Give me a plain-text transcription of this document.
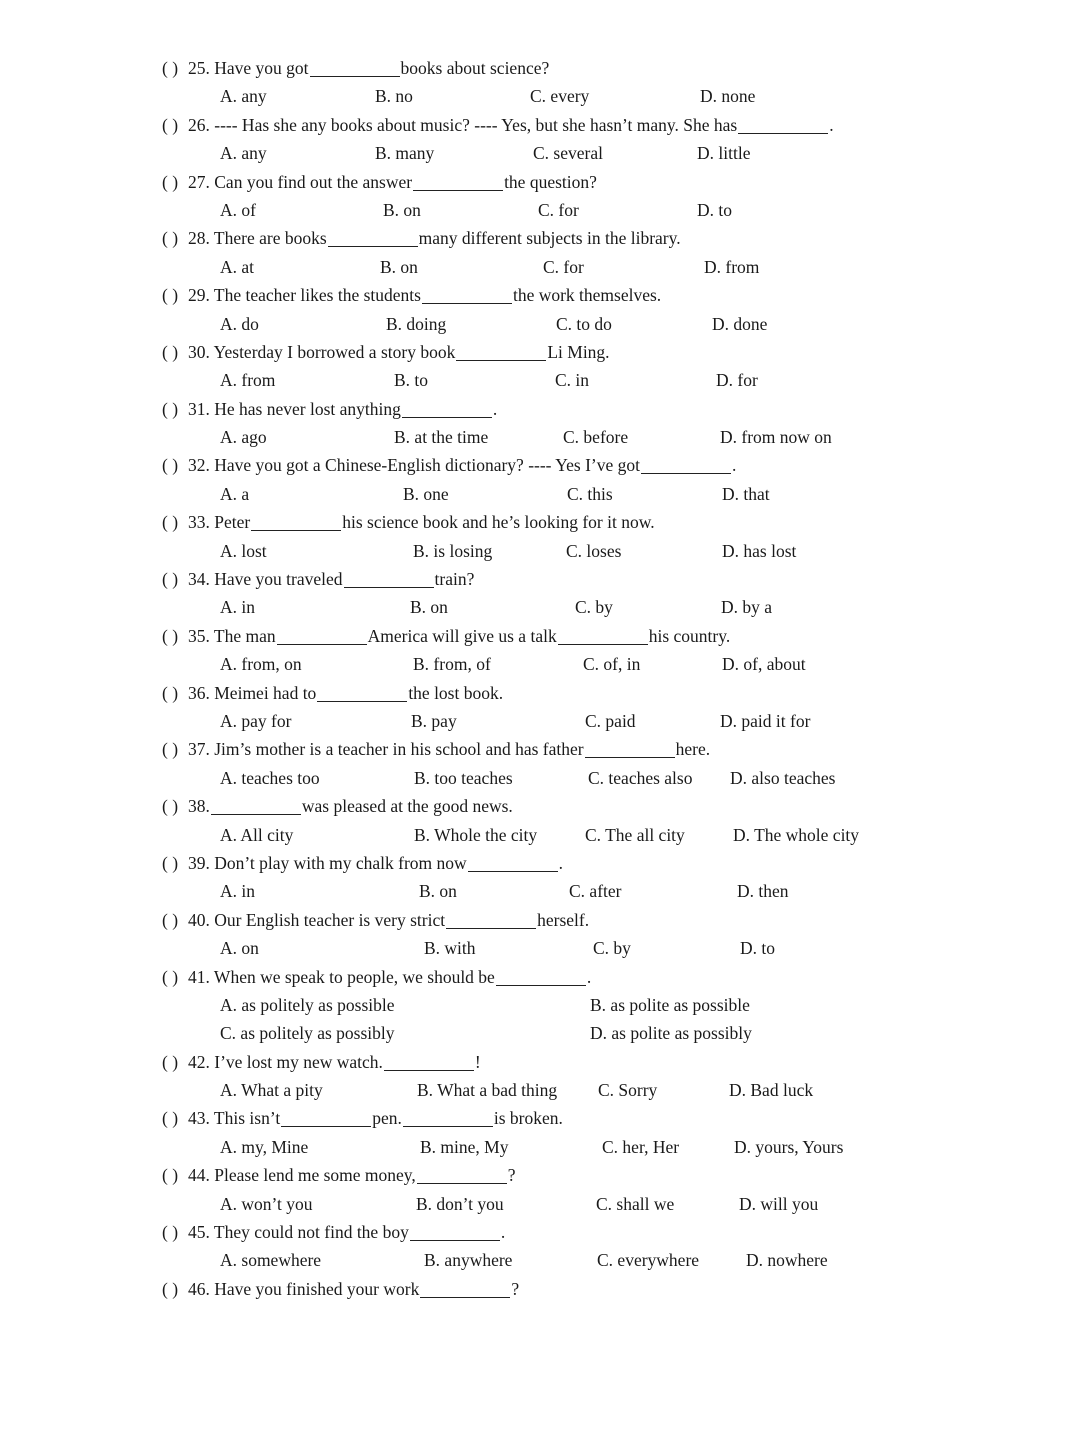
( ) 25. Have you got	books about science?
A. any	B. no	C. every	D. none
( ) 26. ---- Has she any books about music? ---- Yes, but she hasn’t many. She has	.
A. any	B. many	C. several	D. little
( ) 27. Can you find out the answer	the question?
A. of	B. on	C. for	D. to
( ) 28. There are books	many different subjects in the library.
A. at	B. on	C. for	D. from
( ) 29. The teacher likes the students	the work themselves.
A. do	B. doing	C. to do	D. done
( ) 30. Yesterday I borrowed a story book	Li Ming.
A. from	B. to	C. in	D. for
( ) 31. He has never lost anything	.
A. ago	B. at the time	C. before	D. from now on
( ) 32. Have you got a Chinese-English dictionary? ---- Yes I’ve got	.
A. a	B. one	C. this	D. that
( ) 33. Peter	his science book and he’s looking for it now.
A. lost	B. is losing	C. loses	D. has lost
( ) 34. Have you traveled	train?
A. in	B. on	C. by	D. by a
( ) 35. The man	America will give us a talk	his country.
A. from, on	B. from, of	C. of, in	D. of, about
( ) 36. Meimei had to	the lost book.
A. pay for	B. pay	C. paid	D. paid it for
( ) 37. Jim’s mother is a teacher in his school and has father	here.
A. teaches too	B. too teaches	C. teaches also D. also teaches
( ) 38.	was pleased at the good news.
A. All city	B. Whole the city	C. The all city	D. The whole city
( ) 39. Don’t play with my chalk from now	.
A. in	B. on	C. after	D. then
( ) 40. Our English teacher is very strict	herself.
A. on	B. with	C. by	D. to
( ) 41. When we speak to people, we should be	.
A. as politely as possible	B. as polite as possible
C. as politely as possibly	D. as polite as possibly
( ) 42. I’ve lost my new watch.	!
A. What a pity	B. What a bad thing C. Sorry	D. Bad luck
( ) 43. This isn’t	pen.	is broken.
A. my, Mine	B. mine, My	C. her, Her	D. yours, Yours
( ) 44. Please lend me some money,	?
A. won’t you	B. don’t you	C. shall we	D. will you
( ) 45. They could not find the boy	.
A. somewhere	B. anywhere	C. everywhere	D. nowhere
( ) 46. Have you finished your work	?
